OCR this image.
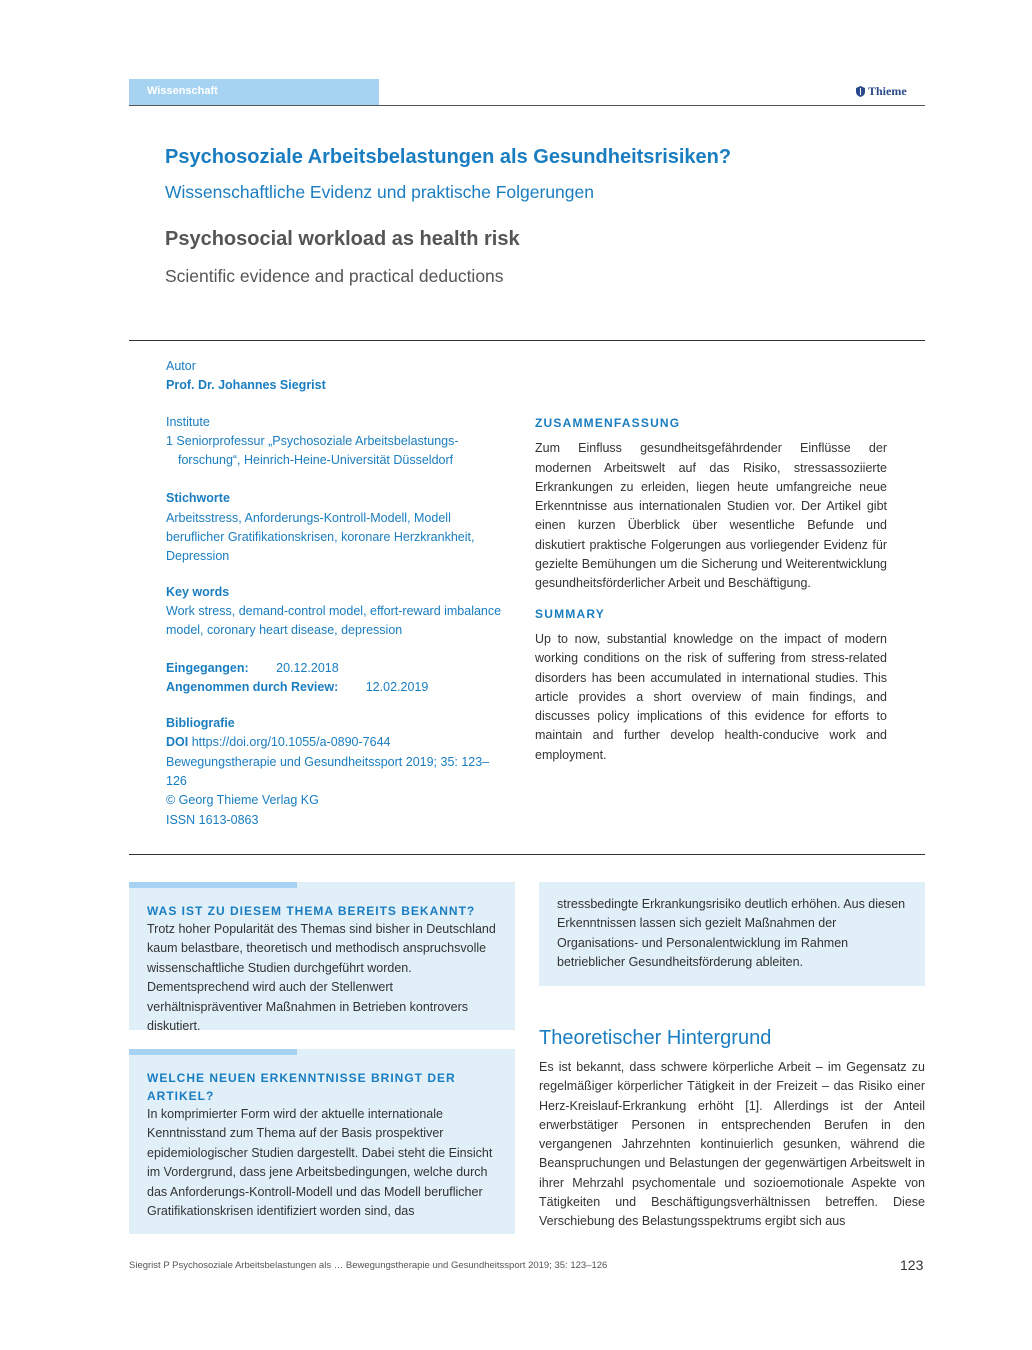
Wissenschaft	Thieme
Psychosoziale Arbeitsbelastungen als Gesundheitsrisiken?
Wissenschaftliche Evidenz und praktische Folgerungen
Psychosocial workload as health risk
Scientific evidence and practical deductions
Autor
Prof. Dr. Johannes Siegrist
Institute
1 Seniorprofessur „Psychosoziale Arbeitsbelastungs-forschung“, Heinrich-Heine-Universität Düsseldorf
Stichworte
Arbeitsstress, Anforderungs-Kontroll-Modell, Modell beruflicher Gratifikationskrisen, koronare Herzkrankheit, Depression
Key words
Work stress, demand-control model, effort-reward imbalance model, coronary heart disease, depression
Eingegangen: 20.12.2018
Angenommen durch Review: 12.02.2019
Bibliografie
DOI https://doi.org/10.1055/a-0890-7644
Bewegungstherapie und Gesundheitssport 2019; 35: 123–126
© Georg Thieme Verlag KG
ISSN 1613-0863
ZUSAMMENFASSUNG
Zum Einfluss gesundheitsgefährdender Einflüsse der modernen Arbeitswelt auf das Risiko, stressassoziierte Erkrankungen zu erleiden, liegen heute umfangreiche neue Erkenntnisse aus internationalen Studien vor. Der Artikel gibt einen kurzen Überblick über wesentliche Befunde und diskutiert praktische Folgerungen aus vorliegender Evidenz für gezielte Bemühungen um die Sicherung und Weiterentwicklung gesundheitsförderlicher Arbeit und Beschäftigung.
SUMMARY
Up to now, substantial knowledge on the impact of modern working conditions on the risk of suffering from stress-related disorders has been accumulated in international studies. This article provides a short overview of main findings, and discusses policy implications of this evidence for efforts to maintain and further develop health-conducive work and employment.
WAS IST ZU DIESEM THEMA BEREITS BEKANNT?
Trotz hoher Popularität des Themas sind bisher in Deutschland kaum belastbare, theoretisch und methodisch anspruchsvolle wissenschaftliche Studien durchgeführt worden. Dementsprechend wird auch der Stellenwert verhältnispräventiver Maßnahmen in Betrieben kontrovers diskutiert.
WELCHE NEUEN ERKENNTNISSE BRINGT DER ARTIKEL?
In komprimierter Form wird der aktuelle internationale Kenntnisstand zum Thema auf der Basis prospektiver epidemiologischer Studien dargestellt. Dabei steht die Einsicht im Vordergrund, dass jene Arbeitsbedingungen, welche durch das Anforderungs-Kontroll-Modell und das Modell beruflicher Gratifikationskrisen identifiziert worden sind, das
stressbedingte Erkrankungsrisiko deutlich erhöhen. Aus diesen Erkenntnissen lassen sich gezielt Maßnahmen der Organisations- und Personalentwicklung im Rahmen betrieblicher Gesundheitsförderung ableiten.
Theoretischer Hintergrund
Es ist bekannt, dass schwere körperliche Arbeit – im Gegensatz zu regelmäßiger körperlicher Tätigkeit in der Freizeit – das Risiko einer Herz-Kreislauf-Erkrankung erhöht [1]. Allerdings ist der Anteil erwerbstätiger Personen in entsprechenden Berufen in den vergangenen Jahrzehnten kontinuierlich gesunken, während die Beanspruchungen und Belastungen der gegenwärtigen Arbeitswelt in ihrer Mehrzahl psychomentale und sozioemotionale Aspekte von Tätigkeiten und Beschäftigungsverhältnissen betreffen. Diese Verschiebung des Belastungsspektrums ergibt sich aus
Siegrist P Psychosoziale Arbeitsbelastungen als … Bewegungstherapie und Gesundheitssport 2019; 35: 123–126	123
